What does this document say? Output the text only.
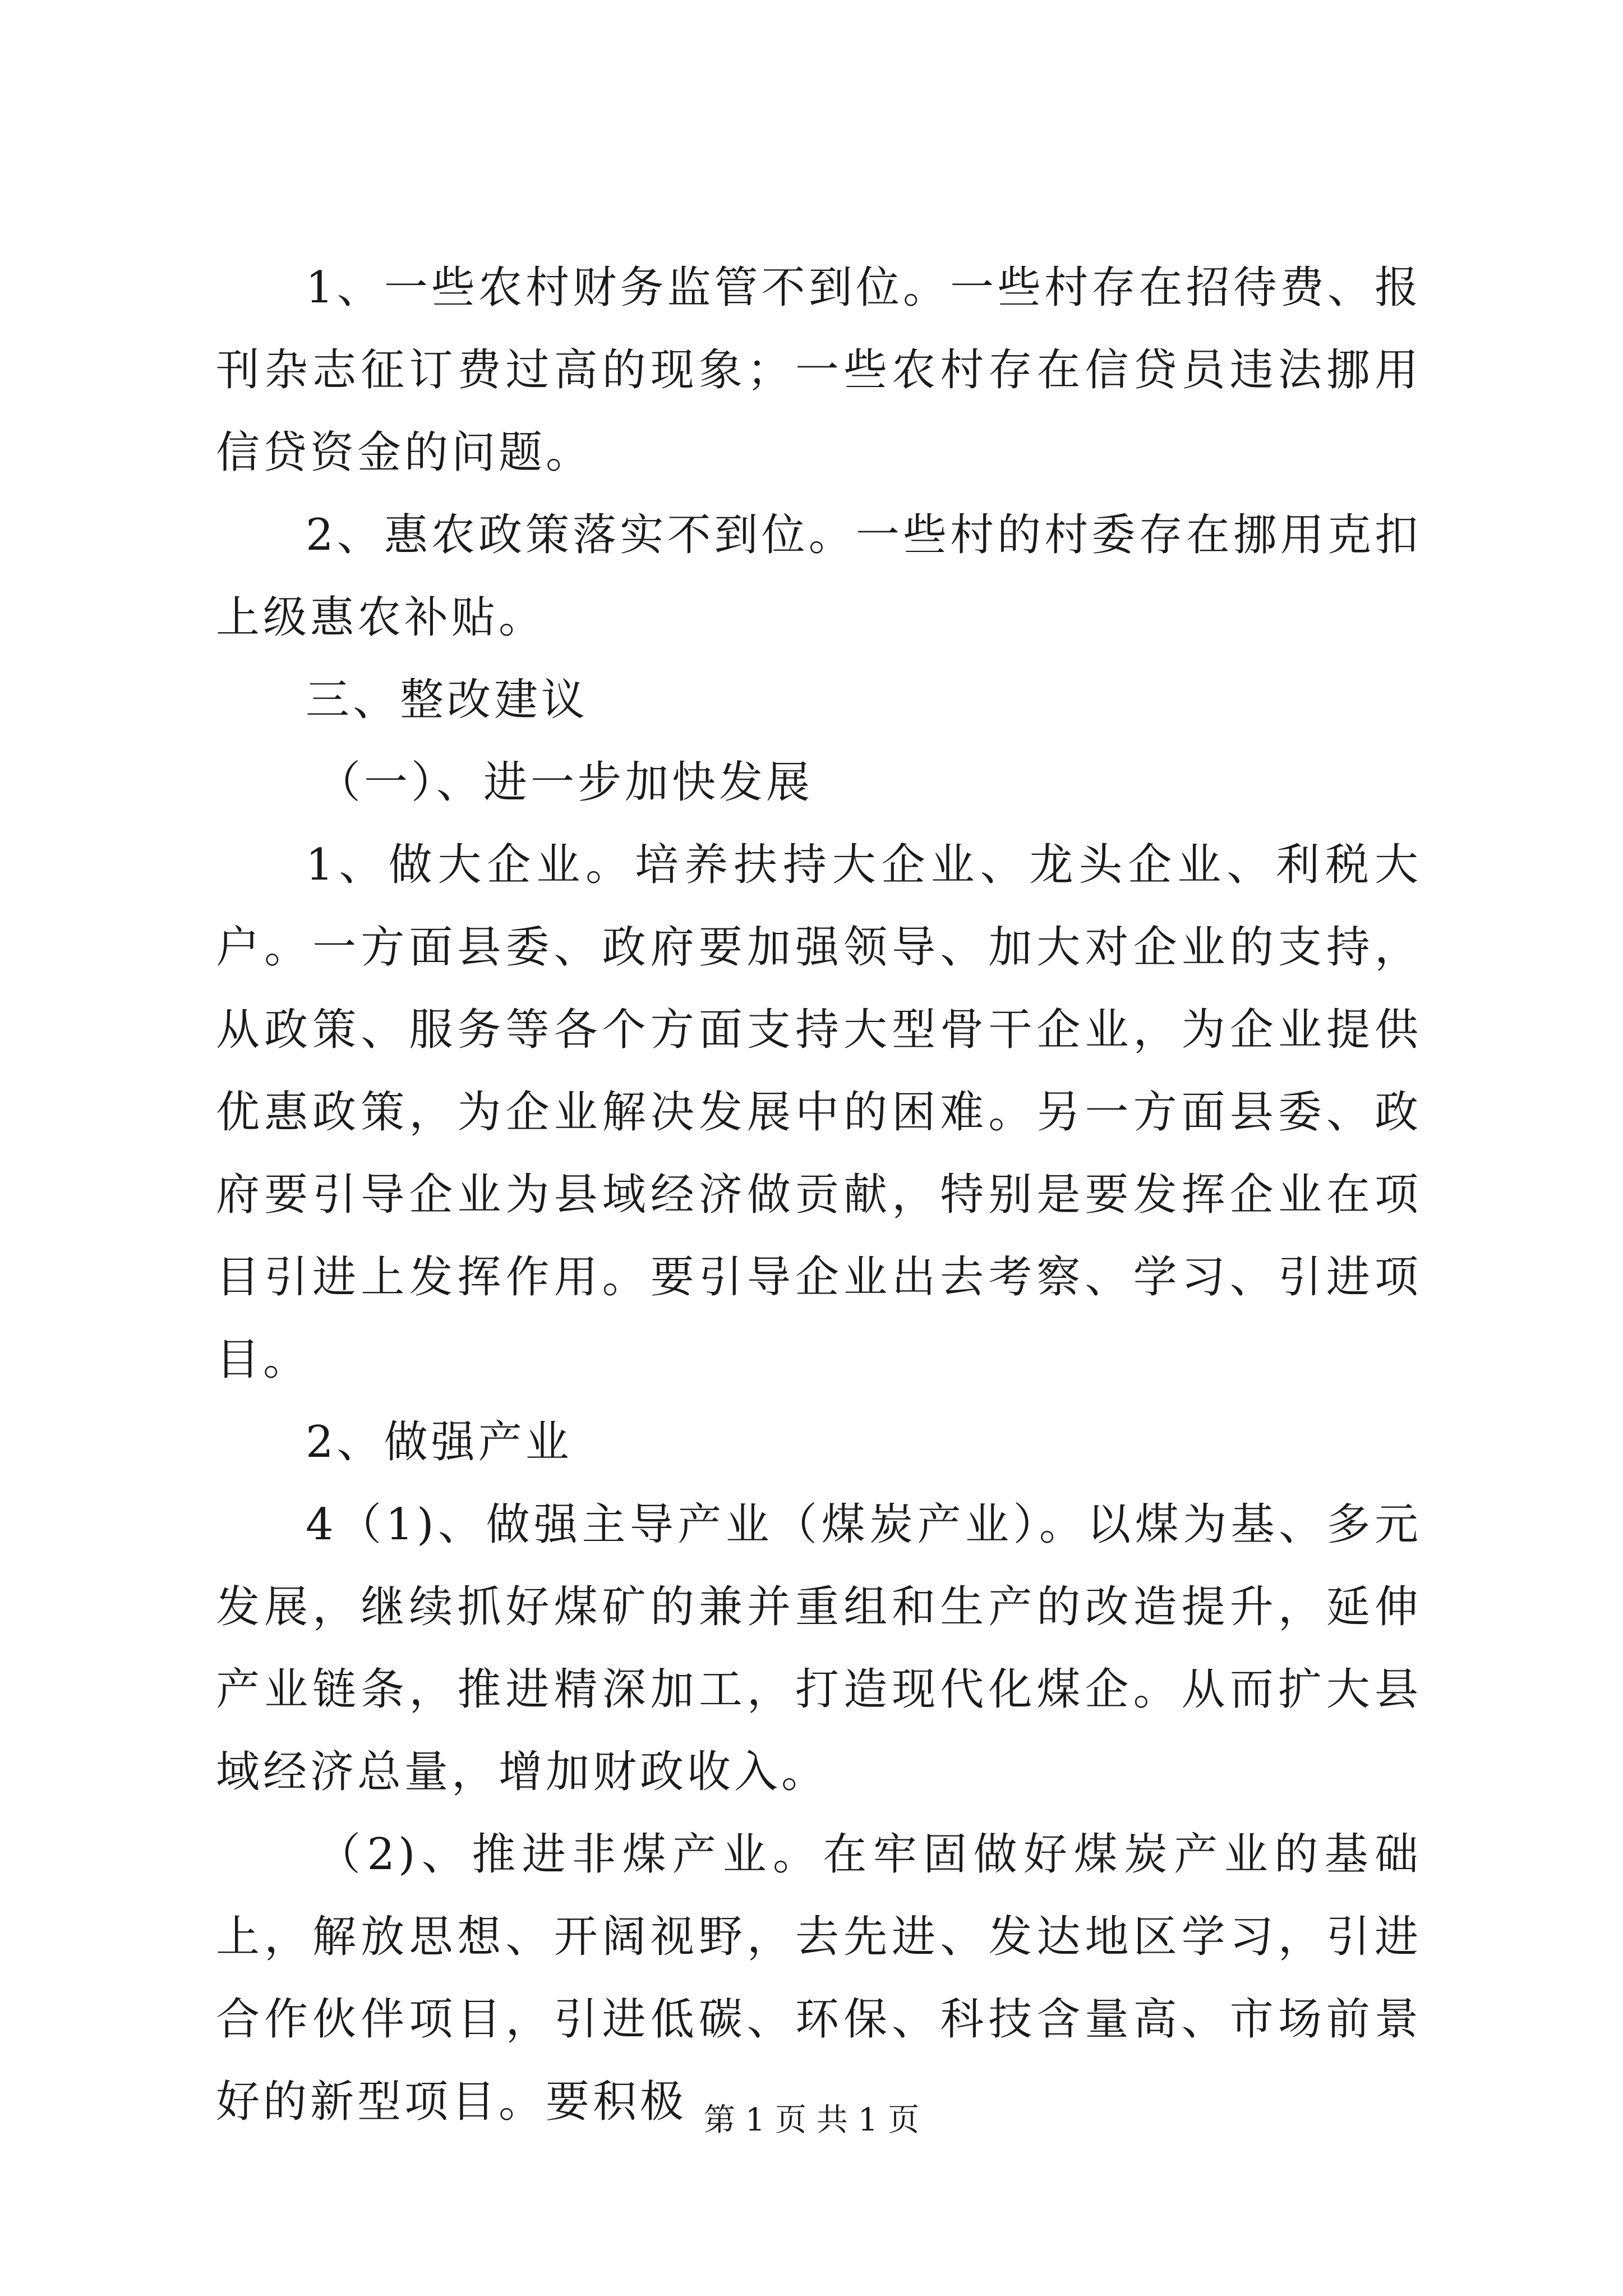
1、一些农村财务监管不到位。一些村存在招待费、报刊杂志征订费过高的现象；一些农村存在信贷员违法挪用信贷资金的问题。

2、惠农政策落实不到位。一些村的村委存在挪用克扣上级惠农补贴。

三、整改建议

（一）、进一步加快发展

1、做大企业。培养扶持大企业、龙头企业、利税大户。一方面县委、政府要加强领导、加大对企业的支持，从政策、服务等各个方面支持大型骨干企业，为企业提供优惠政策，为企业解决发展中的困难。另一方面县委、政府要引导企业为县域经济做贡献，特别是要发挥企业在项目引进上发挥作用。要引导企业出去考察、学习、引进项目。

2、做强产业

4（1)、做强主导产业（煤炭产业）。以煤为基、多元发展，继续抓好煤矿的兼并重组和生产的改造提升，延伸产业链条，推进精深加工，打造现代化煤企。从而扩大县域经济总量，增加财政收入。

（2)、推进非煤产业。在牢固做好煤炭产业的基础上，解放思想、开阔视野，去先进、发达地区学习，引进合作伙伴项目，引进低碳、环保、科技含量高、市场前景好的新型项目。要积极 第 1 页 共 1 页
